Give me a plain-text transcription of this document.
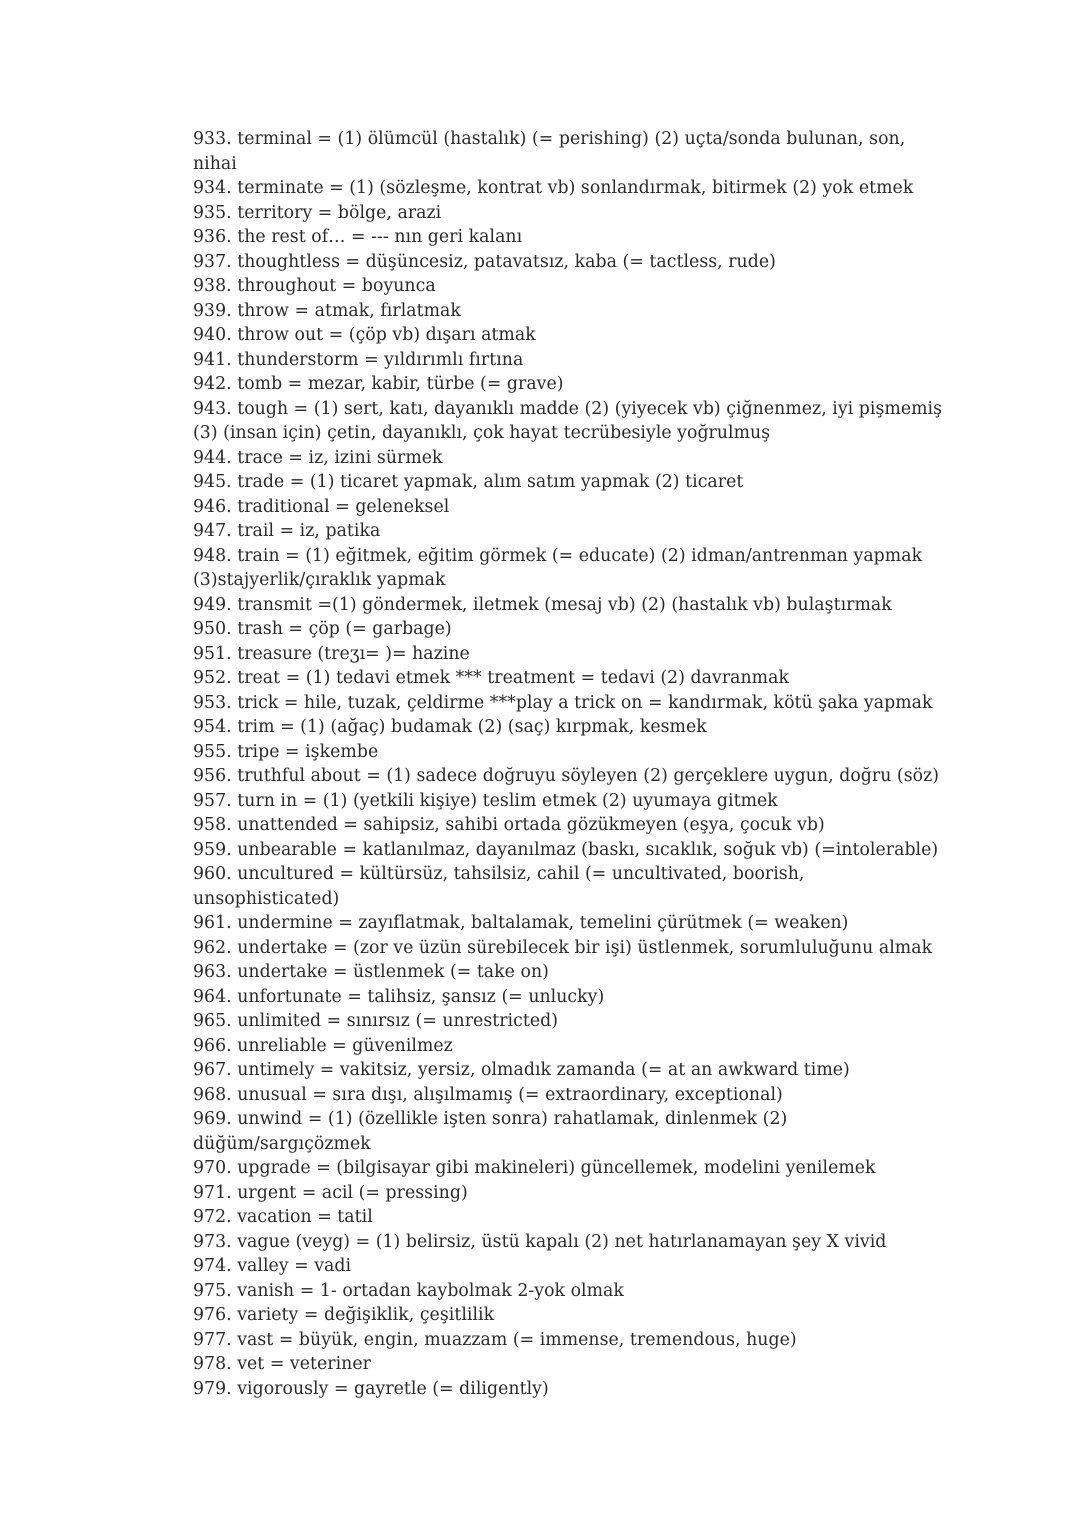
933. terminal = (1) ölümcül (hastalık) (= perishing) (2) uçta/sonda bulunan, son, nihai

934. terminate = (1) (sözleşme, kontrat vb) sonlandırmak, bitirmek (2) yok etmek

935. territory = bölge, arazi

936. the rest of… = --- nın geri kalanı

937. thoughtless = düşüncesiz, patavatsız, kaba (= tactless, rude)

938. throughout = boyunca

939. throw = atmak, fırlatmak

940. throw out = (çöp vb) dışarı atmak

941. thunderstorm = yıldırımlı fırtına

942. tomb = mezar, kabir, türbe (= grave)

943. tough = (1) sert, katı, dayanıklı madde (2) (yiyecek vb) çiğnenmez, iyi pişmemiş (3) (insan için) çetin, dayanıklı, çok hayat tecrübesiyle yoğrulmuş

944. trace = iz, izini sürmek

945. trade = (1) ticaret yapmak, alım satım yapmak (2) ticaret

946. traditional = geleneksel

947. trail = iz, patika

948. train = (1) eğitmek, eğitim görmek (= educate) (2) idman/antrenman yapmak (3)stajyerlik/çıraklık yapmak

949. transmit =(1) göndermek, iletmek (mesaj vb) (2) (hastalık vb) bulaştırmak

950. trash = çöp (= garbage)

951. treasure (treʒı= )= hazine

952. treat = (1) tedavi etmek *** treatment = tedavi (2) davranmak

953. trick = hile, tuzak, çeldirme ***play a trick on = kandırmak, kötü şaka yapmak

954. trim = (1) (ağaç) budamak (2) (saç) kırpmak, kesmek

955. tripe = işkembe

956. truthful about = (1) sadece doğruyu söyleyen (2) gerçeklere uygun, doğru (söz)

957. turn in = (1) (yetkili kişiye) teslim etmek (2) uyumaya gitmek

958. unattended = sahipsiz, sahibi ortada gözükmeyen (eşya, çocuk vb)

959. unbearable = katlanılmaz, dayanılmaz (baskı, sıcaklık, soğuk vb) (=intolerable)

960. uncultured = kültürsüz, tahsilsiz, cahil (= uncultivated, boorish, unsophisticated)

961. undermine = zayıflatmak, baltalamak, temelini çürütmek (= weaken)

962. undertake = (zor ve üzün sürebilecek bir işi) üstlenmek, sorumluluğunu almak

963. undertake = üstlenmek (= take on)

964. unfortunate = talihsiz, şansız (= unlucky)

965. unlimited = sınırsız (= unrestricted)

966. unreliable = güvenilmez

967. untimely = vakitsiz, yersiz, olmadık zamanda (= at an awkward time)

968. unusual = sıra dışı, alışılmamış (= extraordinary, exceptional)

969. unwind = (1) (özellikle işten sonra) rahatlamak, dinlenmek (2) düğüm/sargıçözmek

970. upgrade = (bilgisayar gibi makineleri) güncellemek, modelini yenilemek

971. urgent = acil (= pressing)

972. vacation = tatil

973. vague (veyg) = (1) belirsiz, üstü kapalı (2) net hatırlanamayan şey X vivid

974. valley = vadi

975. vanish = 1- ortadan kaybolmak 2-yok olmak

976. variety = değişiklik, çeşitlilik

977. vast = büyük, engin, muazzam (= immense, tremendous, huge)

978. vet = veteriner

979. vigorously = gayretle (= diligently)
